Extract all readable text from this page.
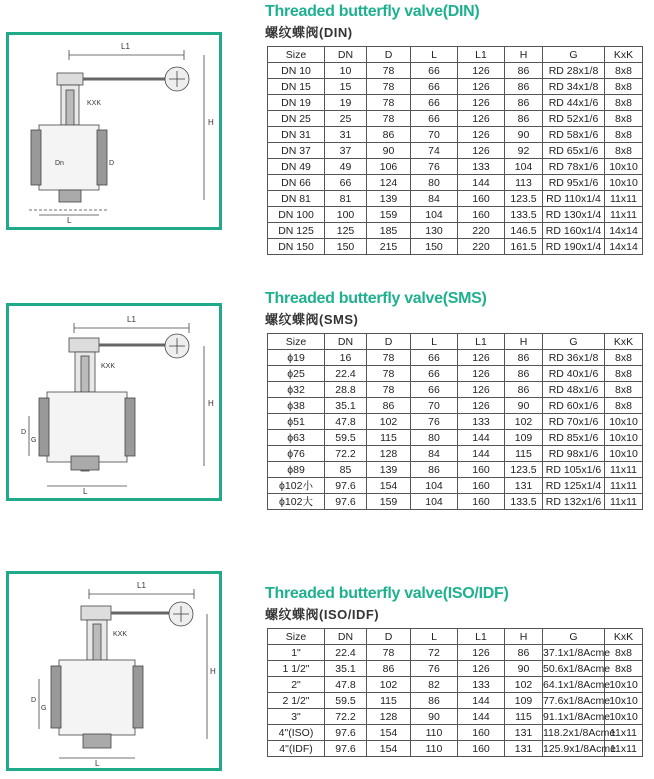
L1
H
L
KXK
Dn	D
Threaded butterfly valve(DIN)
螺纹蝶阀(DIN)
Size	DN	D	L	L1	H	G	KxK
DN 10	10	78	66	126	86	RD 28x1/8	8x8
DN 15	15	78	66	126	86	RD 34x1/8	8x8
DN 19	19	78	66	126	86	RD 44x1/6	8x8
DN 25	25	78	66	126	86	RD 52x1/6	8x8
DN 31	31	86	70	126	90	RD 58x1/6	8x8
DN 37	37	90	74	126	92	RD 65x1/6	8x8
DN 49	49	106	76	133	104	RD 78x1/6	10x10
DN 66	66	124	80	144	113	RD 95x1/6	10x10
DN 81	81	139	84	160	123.5	RD 110x1/4	11x11
DN 100	100	159	104	160	133.5	RD 130x1/4	11x11
DN 125	125	185	130	220	146.5	RD 160x1/4	14x14
DN 150	150	215	150	220	161.5	RD 190x1/4	14x14
L1
H
L
KXK
D
G
Threaded butterfly valve(SMS)
螺纹蝶阀(SMS)
Size	DN	D	L	L1	H	G	KxK
ϕ19	16	78	66	126	86	RD 36x1/8	8x8
ϕ25	22.4	78	66	126	86	RD 40x1/6	8x8
ϕ32	28.8	78	66	126	86	RD 48x1/6	8x8
ϕ38	35.1	86	70	126	90	RD 60x1/6	8x8
ϕ51	47.8	102	76	133	102	RD 70x1/6	10x10
ϕ63	59.5	115	80	144	109	RD 85x1/6	10x10
ϕ76	72.2	128	84	144	115	RD 98x1/6	10x10
ϕ89	85	139	86	160	123.5	RD 105x1/6	11x11
ϕ102小	97.6	154	104	160	131	RD 125x1/4	11x11
ϕ102大	97.6	159	104	160	133.5	RD 132x1/6	11x11
L1
H
L
KXK
D
G
Threaded butterfly valve(ISO/IDF)
螺纹蝶阀(ISO/IDF)
Size	DN	D	L	L1	H	G	KxK
1"	22.4	78	72	126	86	37.1x1/8Acme	8x8
1 1/2"	35.1	86	76	126	90	50.6x1/8Acme	8x8
2"	47.8	102	82	133	102	64.1x1/8Acme	10x10
2 1/2"	59.5	115	86	144	109	77.6x1/8Acme	10x10
3"	72.2	128	90	144	115	91.1x1/8Acme	10x10
4"(ISO)	97.6	154	110	160	131	118.2x1/8Acme	11x11
4"(IDF)	97.6	154	110	160	131	125.9x1/8Acme	11x11
